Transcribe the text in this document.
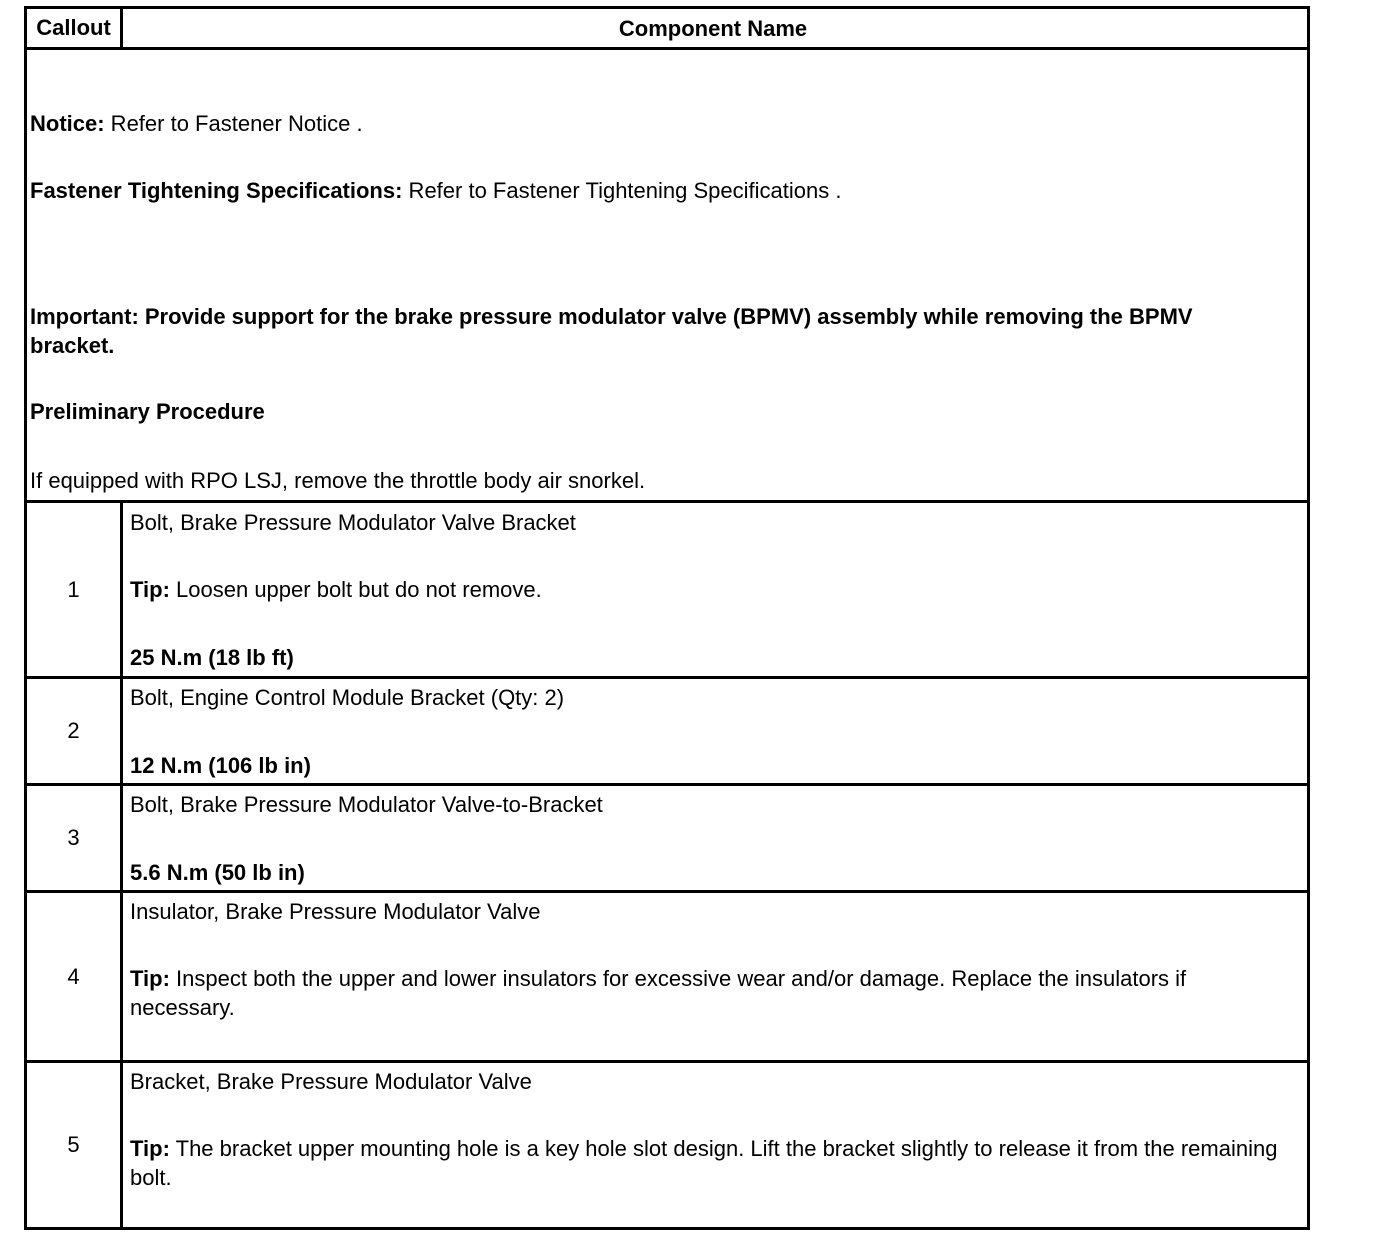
Callout	Component Name
Notice: Refer to Fastener Notice .
Fastener Tightening Specifications: Refer to Fastener Tightening Specifications .
Important: Provide support for the brake pressure modulator valve (BPMV) assembly while removing the BPMV bracket.
Preliminary Procedure
If equipped with RPO LSJ, remove the throttle body air snorkel.
1
Bolt, Brake Pressure Modulator Valve Bracket
Tip: Loosen upper bolt but do not remove.
25 N.m (18 lb ft)
2
Bolt, Engine Control Module Bracket (Qty: 2)
12 N.m (106 lb in)
3
Bolt, Brake Pressure Modulator Valve-to-Bracket
5.6 N.m (50 lb in)
4
Insulator, Brake Pressure Modulator Valve
Tip: Inspect both the upper and lower insulators for excessive wear and/or damage. Replace the insulators if necessary.
5
Bracket, Brake Pressure Modulator Valve
Tip: The bracket upper mounting hole is a key hole slot design. Lift the bracket slightly to release it from the remaining bolt.
